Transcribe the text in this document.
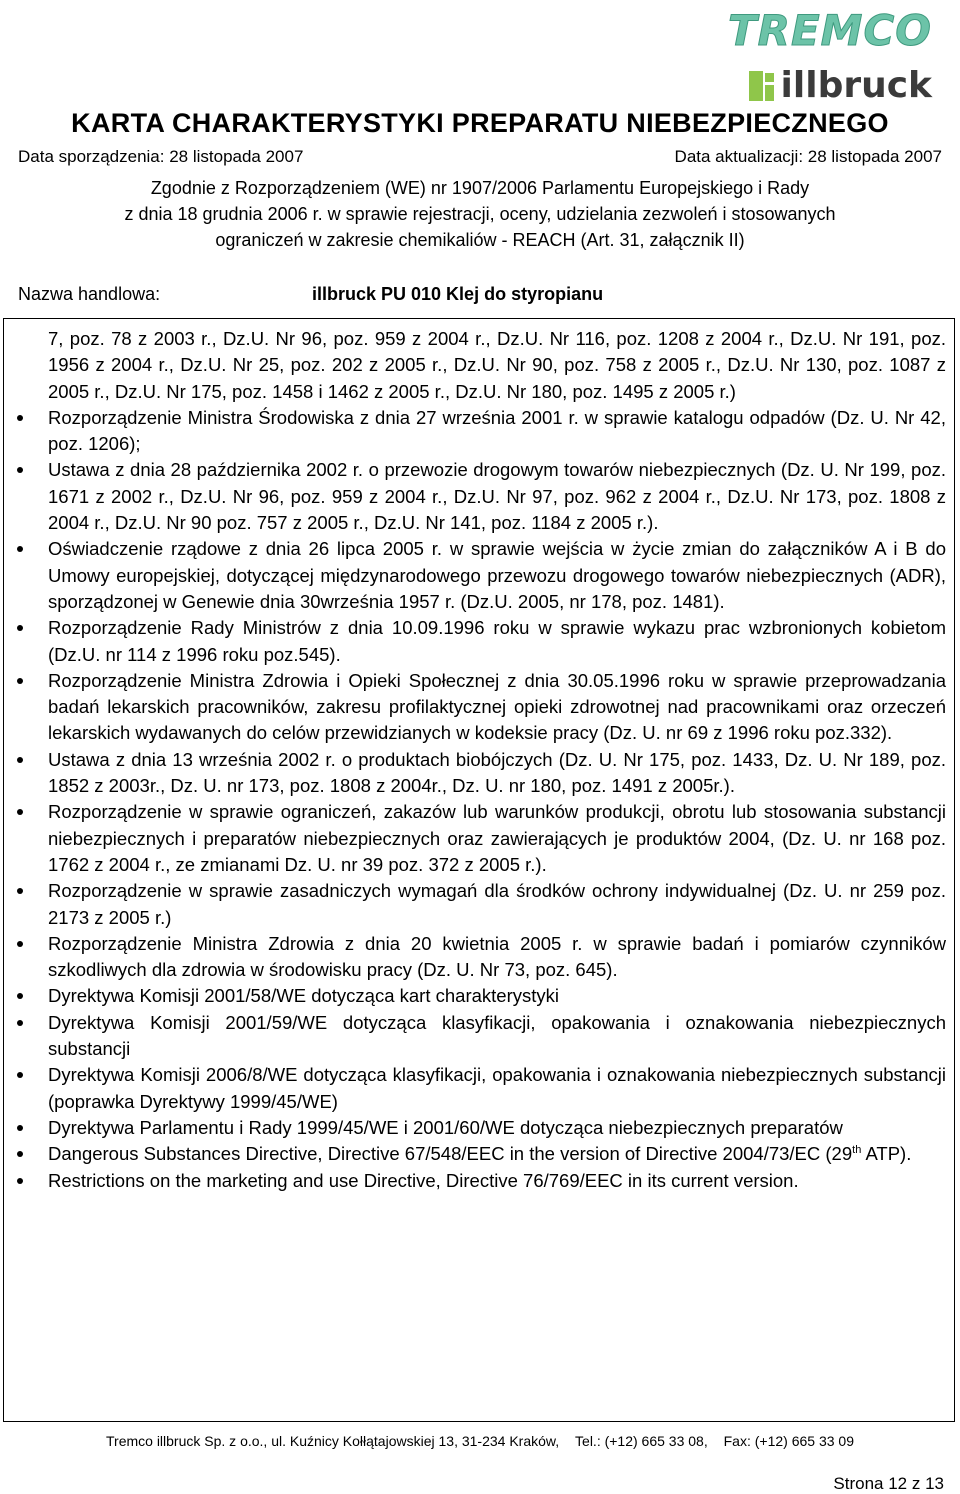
TREMCO
illbruck
KARTA CHARAKTERYSTYKI PREPARATU NIEBEZPIECZNEGO
Data sporządzenia: 28 listopada 2007	Data aktualizacji: 28 listopada 2007
Zgodnie z Rozporządzeniem (WE) nr 1907/2006 Parlamentu Europejskiego i Rady
z dnia 18 grudnia 2006 r. w sprawie rejestracji, oceny, udzielania zezwoleń i stosowanych
ograniczeń w zakresie chemikaliów - REACH (Art. 31, załącznik II)
Nazwa handlowa:	illbruck PU 010 Klej do styropianu

7, poz. 78 z 2003 r., Dz.U. Nr 96, poz. 959 z 2004 r., Dz.U. Nr 116, poz. 1208 z 2004 r., Dz.U. Nr 191, poz. 1956 z 2004 r., Dz.U. Nr 25, poz. 202 z 2005 r., Dz.U. Nr 90, poz. 758 z 2005 r., Dz.U. Nr 130, poz. 1087 z 2005 r., Dz.U. Nr 175, poz. 1458 i 1462 z 2005 r., Dz.U. Nr 180, poz. 1495 z 2005 r.)

Rozporządzenie Ministra Środowiska z dnia 27 września 2001 r. w sprawie katalogu odpadów (Dz. U. Nr 42, poz. 1206);
Ustawa z dnia 28 października 2002 r. o przewozie drogowym towarów niebezpiecznych (Dz. U. Nr 199, poz. 1671 z 2002 r., Dz.U. Nr 96, poz. 959 z 2004 r., Dz.U. Nr 97, poz. 962 z 2004 r., Dz.U. Nr 173, poz. 1808 z 2004 r., Dz.U. Nr 90 poz. 757 z 2005 r., Dz.U. Nr 141, poz. 1184 z 2005 r.).
Oświadczenie rządowe z dnia 26 lipca 2005 r. w sprawie wejścia w życie zmian do załączników A i B do Umowy europejskiej, dotyczącej międzynarodowego przewozu drogowego towarów niebezpiecznych (ADR), sporządzonej w Genewie dnia 30września 1957 r. (Dz.U. 2005, nr 178, poz. 1481).
Rozporządzenie Rady Ministrów z dnia 10.09.1996 roku w sprawie wykazu prac wzbronionych kobietom (Dz.U. nr 114 z 1996 roku poz.545).
Rozporządzenie Ministra Zdrowia i Opieki Społecznej z dnia 30.05.1996 roku w sprawie przeprowadzania badań lekarskich pracowników, zakresu profilaktycznej opieki zdrowotnej nad pracownikami oraz orzeczeń lekarskich wydawanych do celów przewidzianych w kodeksie pracy (Dz. U. nr 69 z 1996 roku poz.332).
Ustawa z dnia 13 września 2002 r. o produktach biobójczych (Dz. U. Nr 175, poz. 1433, Dz. U. Nr 189, poz. 1852 z 2003r., Dz. U. nr 173, poz. 1808 z 2004r., Dz. U. nr 180, poz. 1491 z 2005r.).
Rozporządzenie w sprawie ograniczeń, zakazów lub warunków produkcji, obrotu lub stosowania substancji niebezpiecznych i preparatów niebezpiecznych oraz zawierających je produktów 2004, (Dz. U. nr 168 poz. 1762 z 2004 r., ze zmianami Dz. U. nr 39 poz. 372 z 2005 r.).
Rozporządzenie w sprawie zasadniczych wymagań dla środków ochrony indywidualnej (Dz. U. nr 259 poz. 2173 z 2005 r.)
Rozporządzenie Ministra Zdrowia z dnia 20 kwietnia 2005 r. w sprawie badań i pomiarów czynników szkodliwych dla zdrowia w środowisku pracy (Dz. U. Nr 73, poz. 645).
Dyrektywa Komisji 2001/58/WE dotycząca kart charakterystyki
Dyrektywa Komisji 2001/59/WE dotycząca klasyfikacji, opakowania i oznakowania niebezpiecznych substancji
Dyrektywa Komisji 2006/8/WE dotycząca klasyfikacji, opakowania i oznakowania niebezpiecznych substancji (poprawka Dyrektywy 1999/45/WE)
Dyrektywa Parlamentu i Rady 1999/45/WE i 2001/60/WE dotycząca niebezpiecznych preparatów
Dangerous Substances Directive, Directive 67/548/EEC in the version of Directive 2004/73/EC (29th ATP).
Restrictions on the marketing and use Directive, Directive 76/769/EEC in its current version.
Tremco illbruck Sp. z o.o., ul. Kuźnicy Kołłątajowskiej 13, 31-234 Kraków, Tel.: (+12) 665 33 08, Fax: (+12) 665 33 09
Strona 12 z 13
